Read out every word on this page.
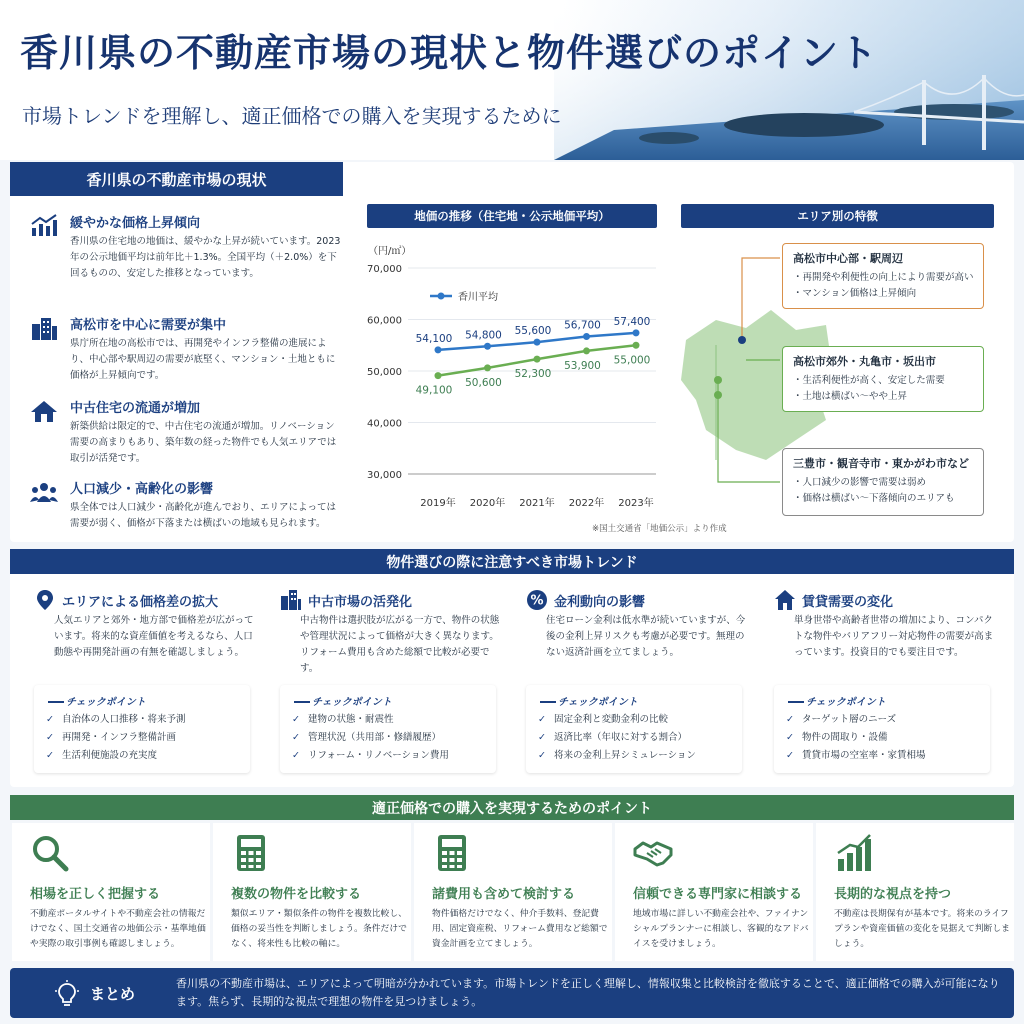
香川県の不動産市場の現状と物件選びのポイント
市場トレンドを理解し、適正価格での購入を実現するために
香川県の不動産市場の現状
緩やかな価格上昇傾向

香川県の住宅地の地価は、緩やかな上昇が続いています。2023年の公示地価平均は前年比＋1.3%。全国平均（＋2.0%）を下回るものの、安定した推移となっています。

高松市を中心に需要が集中

県庁所在地の高松市では、再開発やインフラ整備の進展により、中心部や駅周辺の需要が底堅く、マンション・土地ともに価格が上昇傾向です。

中古住宅の流通が増加

新築供給は限定的で、中古住宅の流通が増加。リノベーション需要の高まりもあり、築年数の経った物件でも人気エリアでは取引が活発です。

人口減少・高齢化の影響

県全体では人口減少・高齢化が進んでおり、エリアによっては需要が弱く、価格が下落または横ばいの地域も見られます。

地価の推移（住宅地・公示地価平均）
（円/㎡）
70,000
60,000
50,000
40,000
30,000
2019年 2020年 2021年 2022年 2023年
54,100 54,800 55,600 56,700 57,400
49,100
50,600
52,300
53,900 55,000
香川平均
※国土交通省「地価公示」より作成
エリア別の特徴
高松市中心部・駅周辺
・再開発や利便性の向上により需要が高い
・マンション価格は上昇傾向
高松市郊外・丸亀市・坂出市
・生活利便性が高く、安定した需要
・土地は横ばい～やや上昇
三豊市・観音寺市・東かがわ市など
・人口減少の影響で需要は弱め
・価格は横ばい～下落傾向のエリアも
物件選びの際に注意すべき市場トレンド
エリアによる価格差の拡大

人気エリアと郊外・地方部で価格差が広がっています。将来的な資産価値を考えるなら、人口動態や再開発計画の有無を確認しましょう。

チェックポイント
✓ 自治体の人口推移・将来予測
✓ 再開発・インフラ整備計画
✓ 生活利便施設の充実度
中古市場の活発化

中古物件は選択肢が広がる一方で、物件の状態や管理状況によって価格が大きく異なります。リフォーム費用も含めた総額で比較が必要です。

チェックポイント
✓ 建物の状態・耐震性
✓ 管理状況（共用部・修繕履歴）
✓ リフォーム・リノベーション費用
% 金利動向の影響

住宅ローン金利は低水準が続いていますが、今後の金利上昇リスクも考慮が必要です。無理のない返済計画を立てましょう。

チェックポイント
✓ 固定金利と変動金利の比較
✓ 返済比率（年収に対する割合）
✓ 将来の金利上昇シミュレーション
賃貸需要の変化

単身世帯や高齢者世帯の増加により、コンパクトな物件やバリアフリー対応物件の需要が高まっています。投資目的でも要注目です。

チェックポイント
✓ ターゲット層のニーズ
✓ 物件の間取り・設備
✓ 賃貸市場の空室率・家賃相場
適正価格での購入を実現するためのポイント
相場を正しく把握する

不動産ポータルサイトや不動産会社の情報だけでなく、国土交通省の地価公示・基準地価や実際の取引事例も確認しましょう。

複数の物件を比較する

類似エリア・類似条件の物件を複数比較し、価格の妥当性を判断しましょう。条件だけでなく、将来性も比較の軸に。

諸費用も含めて検討する

物件価格だけでなく、仲介手数料、登記費用、固定資産税、リフォーム費用など総額で資金計画を立てましょう。

信頼できる専門家に相談する

地域市場に詳しい不動産会社や、ファイナンシャルプランナーに相談し、客観的なアドバイスを受けましょう。

長期的な視点を持つ

不動産は長期保有が基本です。将来のライフプランや資産価値の変化を見据えて判断しましょう。

まとめ

香川県の不動産市場は、エリアによって明暗が分かれています。市場トレンドを正しく理解し、情報収集と比較検討を徹底することで、適正価格での購入が可能になります。焦らず、長期的な視点で理想の物件を見つけましょう。
